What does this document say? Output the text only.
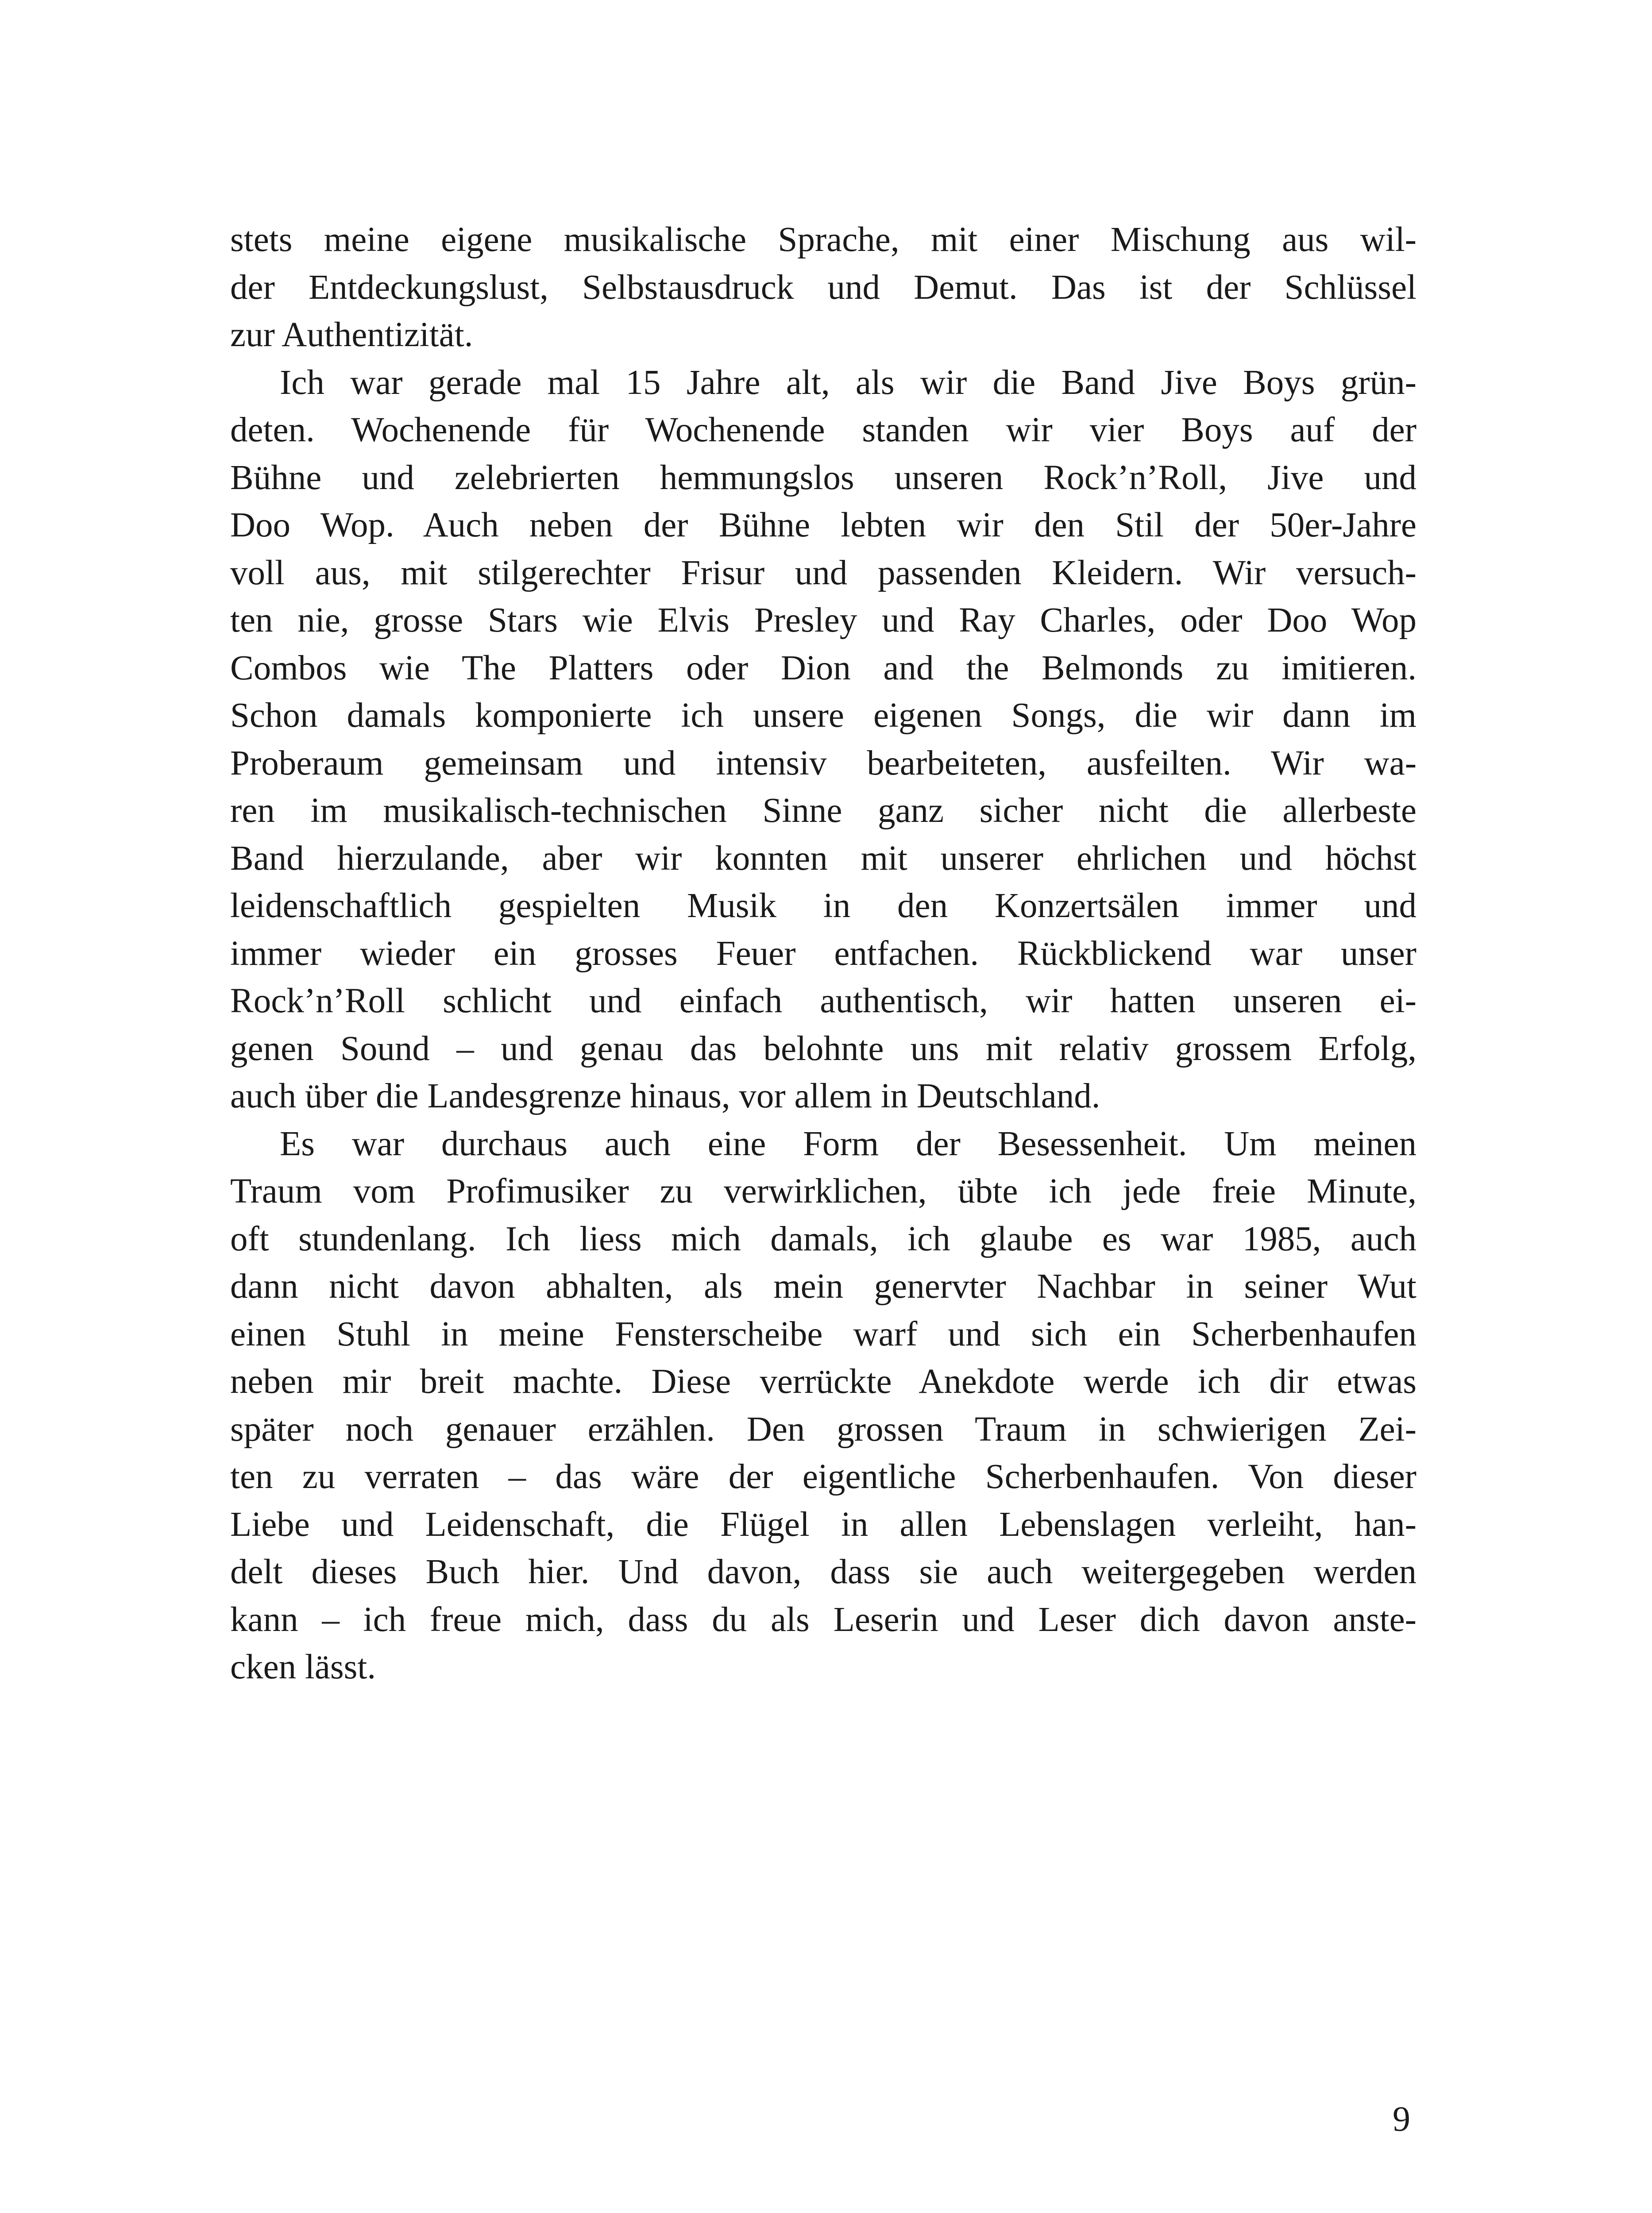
stets meine eigene musikalische Sprache, mit einer Mischung aus wil-
der Entdeckungslust, Selbstausdruck und Demut. Das ist der Schlüssel
zur Authentizität.
Ich war gerade mal 15 Jahre alt, als wir die Band Jive Boys grün-
deten. Wochenende für Wochenende standen wir vier Boys auf der
Bühne und zelebrierten hemmungslos unseren Rock’n’Roll, Jive und
Doo Wop. Auch neben der Bühne lebten wir den Stil der 50er-Jahre
voll aus, mit stilgerechter Frisur und passenden Kleidern. Wir versuch-
ten nie, grosse Stars wie Elvis Presley und Ray Charles, oder Doo Wop
Combos wie The Platters oder Dion and the Belmonds zu imitieren.
Schon damals komponierte ich unsere eigenen Songs, die wir dann im
Proberaum gemeinsam und intensiv bearbeiteten, ausfeilten. Wir wa-
ren im musikalisch-technischen Sinne ganz sicher nicht die allerbeste
Band hierzulande, aber wir konnten mit unserer ehrlichen und höchst
leidenschaftlich gespielten Musik in den Konzertsälen immer und
immer wieder ein grosses Feuer entfachen. Rückblickend war unser
Rock’n’Roll schlicht und einfach authentisch, wir hatten unseren ei-
genen Sound – und genau das belohnte uns mit relativ grossem Erfolg,
auch über die Landesgrenze hinaus, vor allem in Deutschland.
Es war durchaus auch eine Form der Besessenheit. Um meinen
Traum vom Profimusiker zu verwirklichen, übte ich jede freie Minute,
oft stundenlang. Ich liess mich damals, ich glaube es war 1985, auch
dann nicht davon abhalten, als mein genervter Nachbar in seiner Wut
einen Stuhl in meine Fensterscheibe warf und sich ein Scherbenhaufen
neben mir breit machte. Diese verrückte Anekdote werde ich dir etwas
später noch genauer erzählen. Den grossen Traum in schwierigen Zei-
ten zu verraten – das wäre der eigentliche Scherbenhaufen. Von dieser
Liebe und Leidenschaft, die Flügel in allen Lebenslagen verleiht, han-
delt dieses Buch hier. Und davon, dass sie auch weitergegeben werden
kann – ich freue mich, dass du als Leserin und Leser dich davon anste-
cken lässt.
9
